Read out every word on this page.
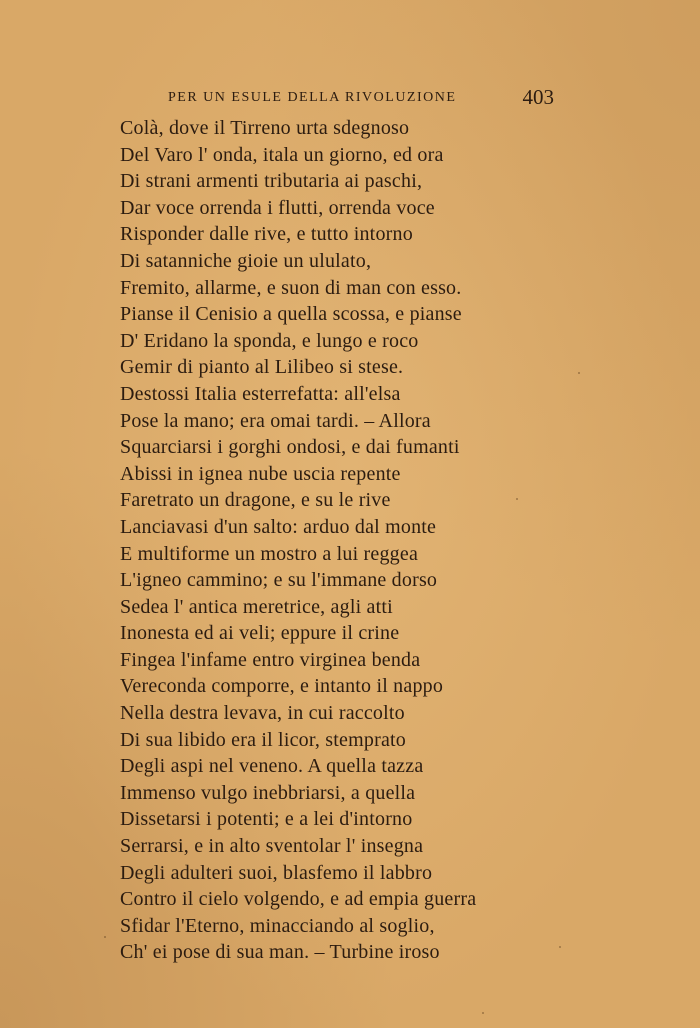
PER UN ESULE DELLA RIVOLUZIONE	403
Colà, dove il Tirreno urta sdegnoso
Del Varo l' onda, itala un giorno, ed ora
Di strani armenti tributaria ai paschi,
Dar voce orrenda i flutti, orrenda voce
Risponder dalle rive, e tutto intorno
Di satanniche gioie un ululato,
Fremito, allarme, e suon di man con esso.
Pianse il Cenisio a quella scossa, e pianse
D' Eridano la sponda, e lungo e roco
Gemir di pianto al Lilibeo si stese.
Destossi Italia esterrefatta: all'elsa
Pose la mano; era omai tardi. – Allora
Squarciarsi i gorghi ondosi, e dai fumanti
Abissi in ignea nube uscia repente
Faretrato un dragone, e su le rive
Lanciavasi d'un salto: arduo dal monte
E multiforme un mostro a lui reggea
L'igneo cammino; e su l'immane dorso
Sedea l' antica meretrice, agli atti
Inonesta ed ai veli; eppure il crine
Fingea l'infame entro virginea benda
Vereconda comporre, e intanto il nappo
Nella destra levava, in cui raccolto
Di sua libido era il licor, stemprato
Degli aspi nel veneno. A quella tazza
Immenso vulgo inebbriarsi, a quella
Dissetarsi i potenti; e a lei d'intorno
Serrarsi, e in alto sventolar l' insegna
Degli adulteri suoi, blasfemo il labbro
Contro il cielo volgendo, e ad empia guerra
Sfidar l'Eterno, minacciando al soglio,
Ch' ei pose di sua man. – Turbine iroso
